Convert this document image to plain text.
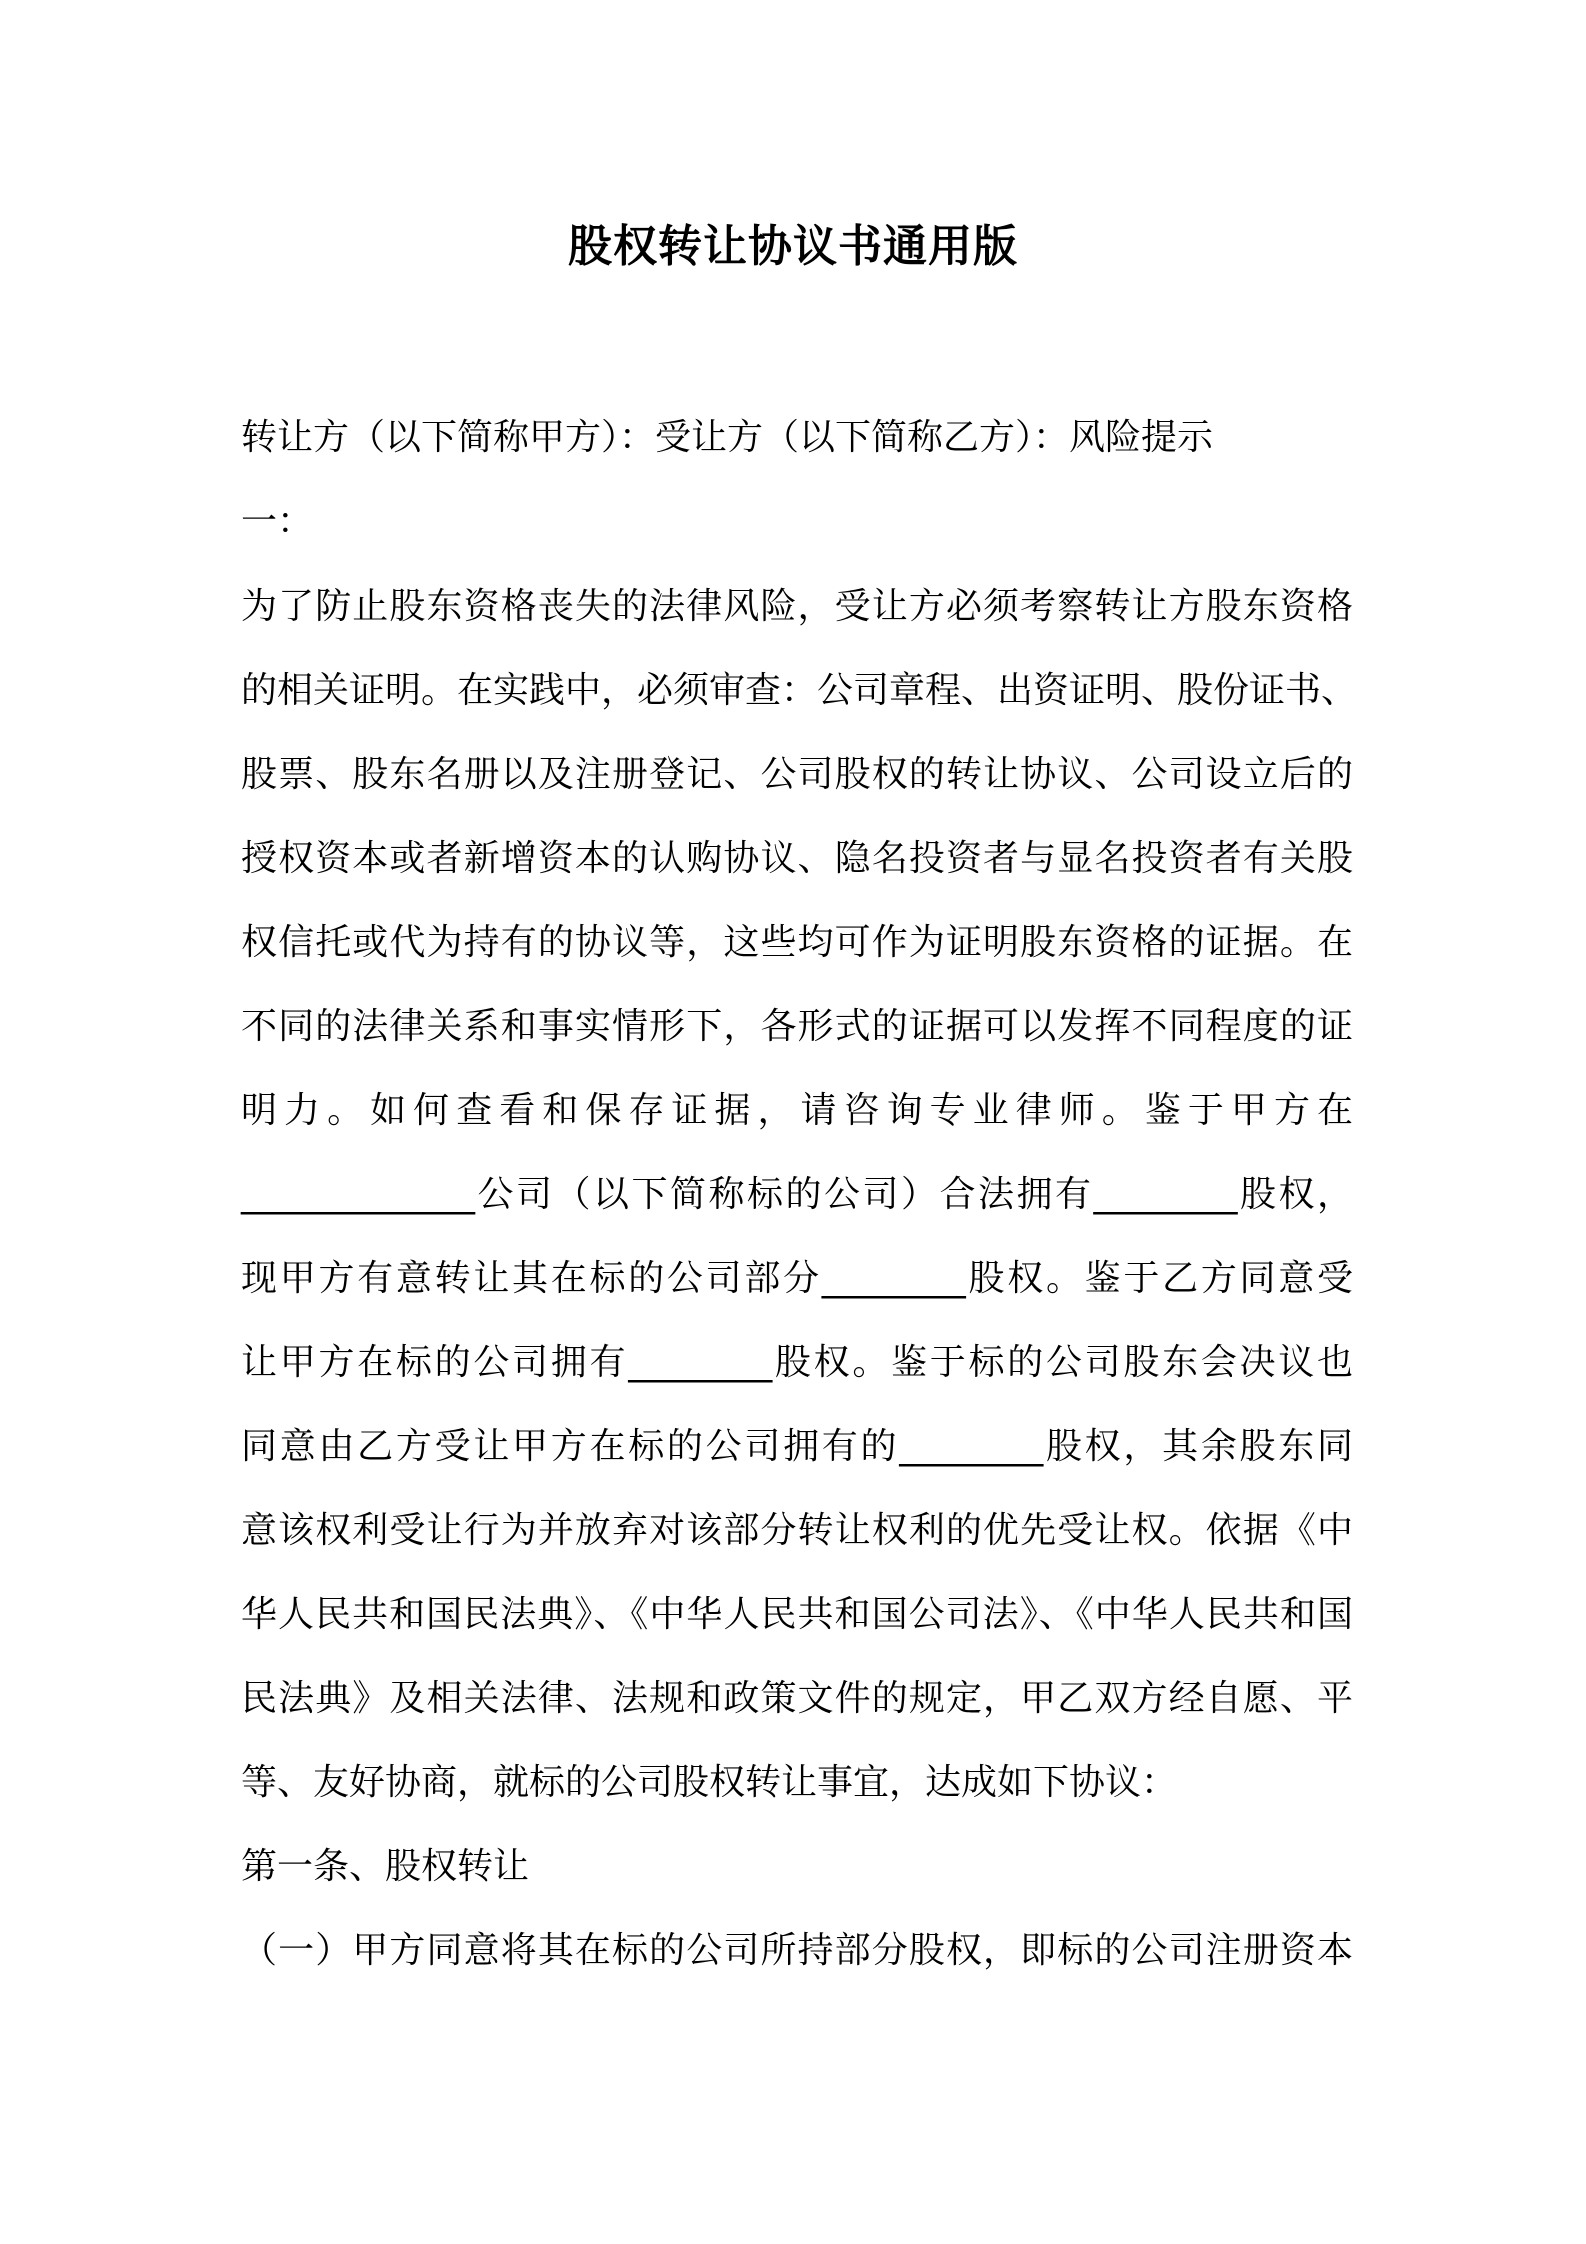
股权转让协议书通用版

转让方（以下简称甲方）：受让方（以下简称乙方）：风险提示

一：

为了防止股东资格丧失的法律风险，受让方必须考察转让方股东资格

的相关证明。在实践中，必须审查：公司章程、出资证明、股份证书、

股票、股东名册以及注册登记、公司股权的转让协议、公司设立后的

授权资本或者新增资本的认购协议、隐名投资者与显名投资者有关股

权信托或代为持有的协议等，这些均可作为证明股东资格的证据。在

不同的法律关系和事实情形下，各形式的证据可以发挥不同程度的证

明力。如何查看和保存证据，请咨询专业律师。鉴于甲方在

_____________公司（以下简称标的公司）合法拥有________股权，

现甲方有意转让其在标的公司部分________股权。鉴于乙方同意受

让甲方在标的公司拥有________股权。鉴于标的公司股东会决议也

同意由乙方受让甲方在标的公司拥有的________股权，其余股东同

意该权利受让行为并放弃对该部分转让权利的优先受让权。依据《中

华人民共和国民法典》、《中华人民共和国公司法》、《中华人民共和国

民法典》及相关法律、法规和政策文件的规定，甲乙双方经自愿、平

等、友好协商，就标的公司股权转让事宜，达成如下协议：

第一条、股权转让

（一）甲方同意将其在标的公司所持部分股权，即标的公司注册资本
